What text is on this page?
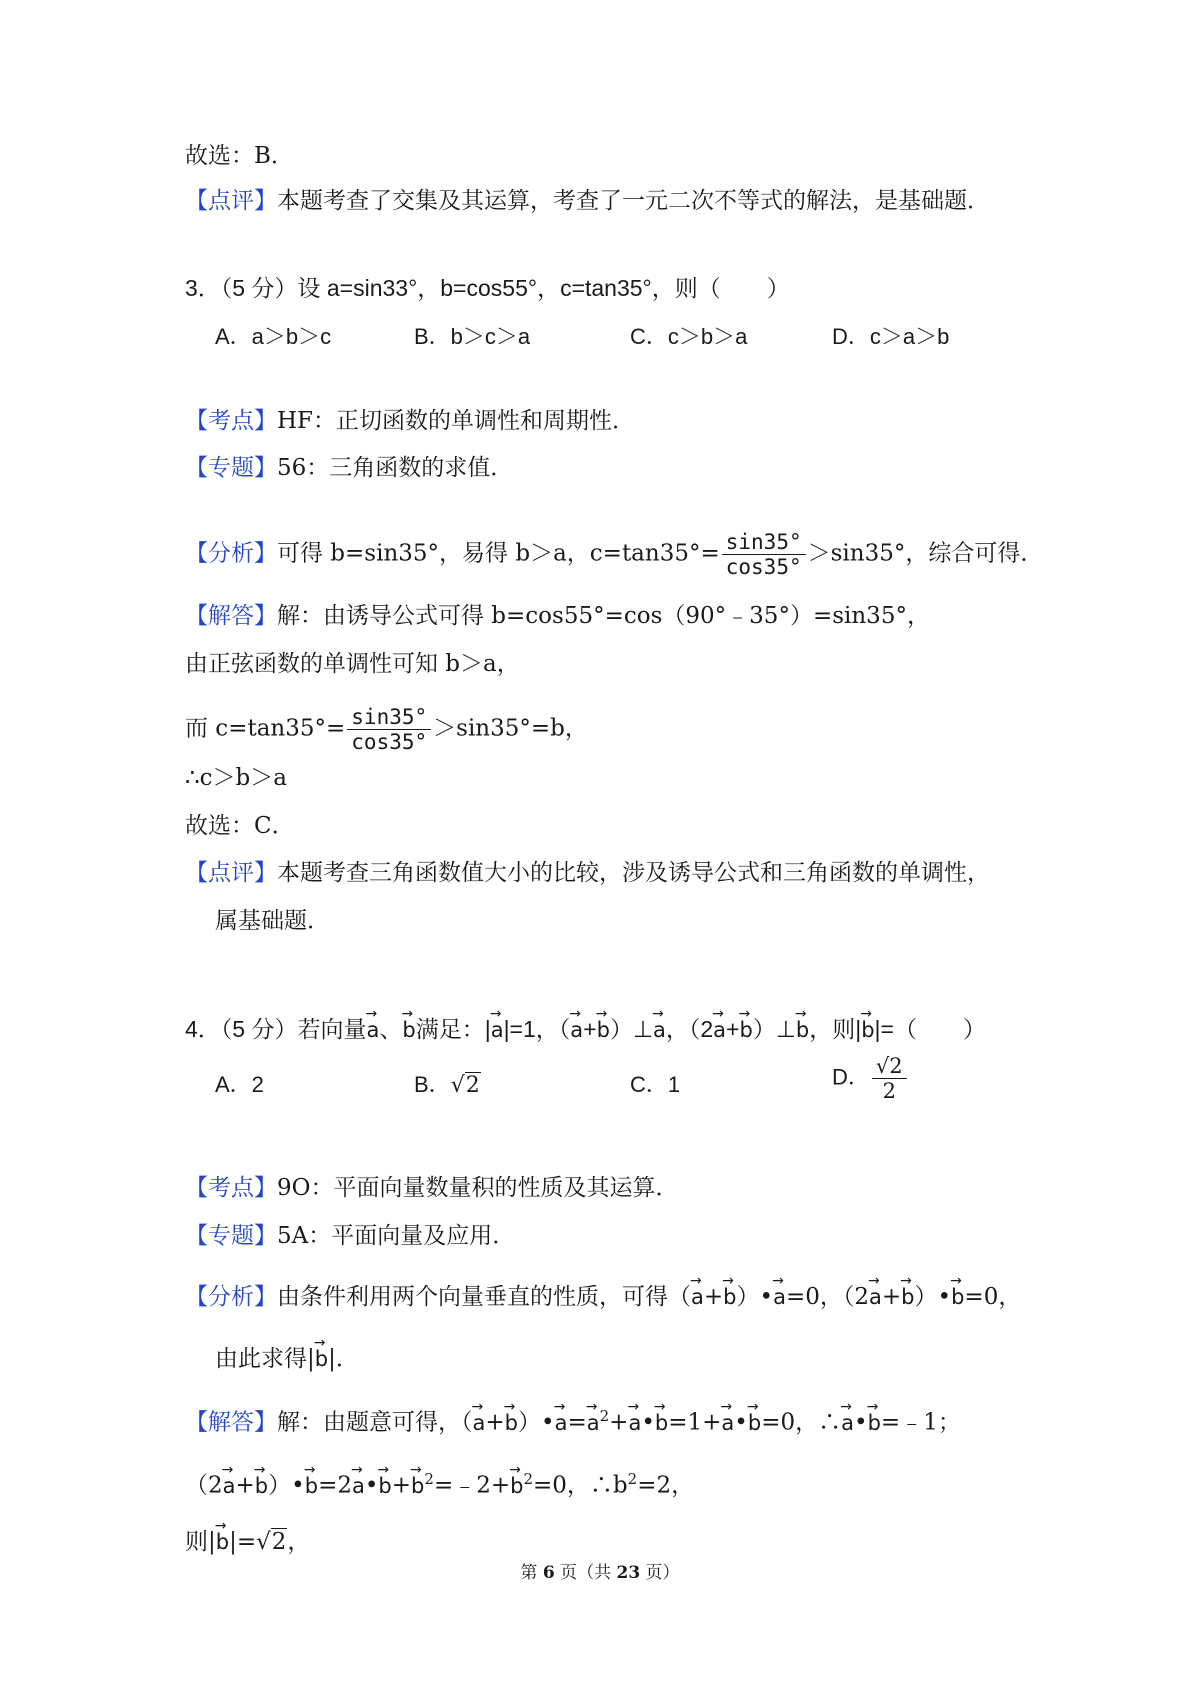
故选：B．
【点评】本题考查了交集及其运算，考查了一元二次不等式的解法，是基础题．
3．（5 分）设 a=sin33°，b=cos55°，c=tan35°，则（　　）
A．a＞b＞c	B．b＞c＞a	C．c＞b＞a	D．c＞a＞b
【考点】HF：正切函数的单调性和周期性．
【专题】56：三角函数的求值．
【分析】可得 b=sin35°，易得 b＞a，$c=\tan 35^\circ= \frac{\sin 35^\circ}{\cos 35^\circ} >\sin 35^\circ$，综合可得．
【解答】解：由诱导公式可得 b=cos55°=cos（90°﹣35°）=sin35°，
由正弦函数的单调性可知 b＞a，
而 $c=\tan 35^\circ= \frac{\sin 35^\circ}{\cos 35^\circ} >\sin 35^\circ=b$，
∴c＞b＞a
故选：C．
【点评】本题考查三角函数值大小的比较，涉及诱导公式和三角函数的单调性，
属基础题．
4．（5 分）若向量→ a、→ b满足：|→ a|=1，（→ a+→ b）⊥→ a，（2→ a+→ b）⊥→ b，则|→ b|=（　　）
A．2	B．√2	C．1	D． $\frac{√2}{2}$
【考点】9O：平面向量数量积的性质及其运算．
【专题】5A：平面向量及应用．
【分析】由条件利用两个向量垂直的性质，可得（→ a+→ b）•→ a=0，（2→ a+→ b）•→ b=0，
由此求得|→ b|．
【解答】解：由题意可得，（→ a+→ b）•→ $a=\to a^2+\to$ a•→ b=1+→ a•→ b=0，∴→ a•→ b=﹣1；
（2→ a+→ b）•→ b=2→ a•→ $b+\to b^2=﹣2+\to b^2=0$，$\therefore b^2=2$，
则|→ b|=√2，
第 6 页（共 23 页）
